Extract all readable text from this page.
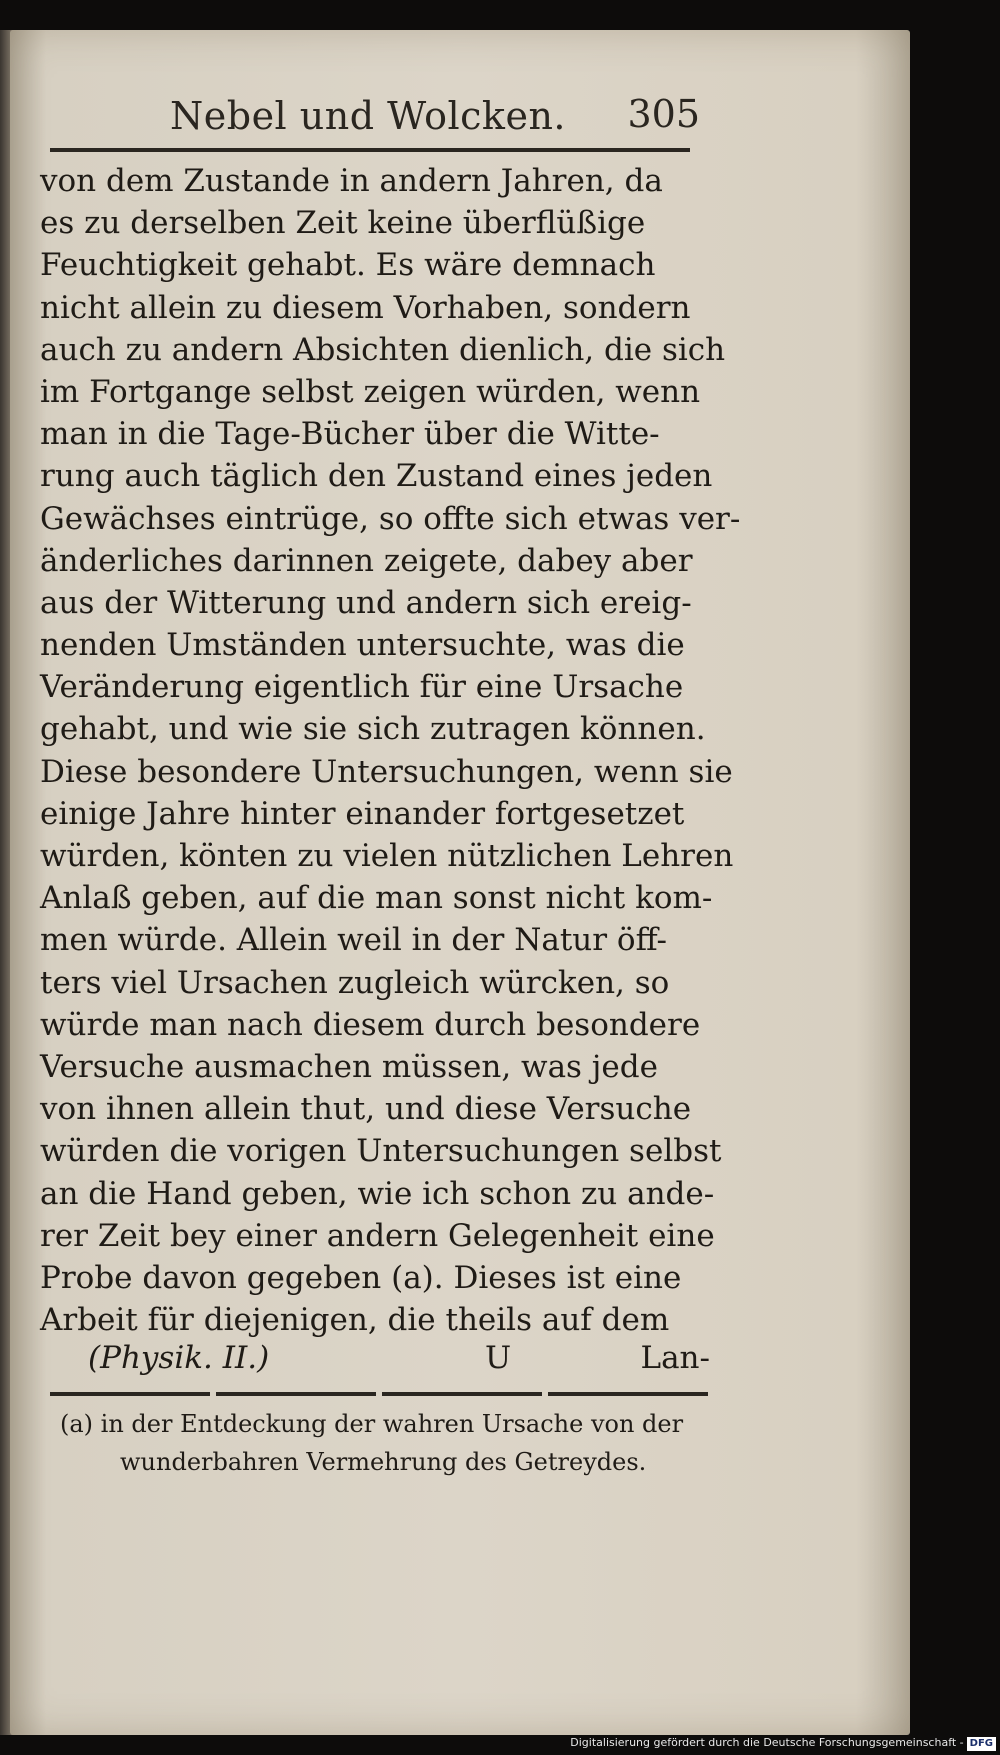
Nebel und Wolcken. 305
von dem Zustande in andern Jahren, da
es zu derselben Zeit keine überflüßige
Feuchtigkeit gehabt. Es wäre demnach
nicht allein zu diesem Vorhaben, sondern
auch zu andern Absichten dienlich, die sich
im Fortgange selbst zeigen würden, wenn
man in die Tage-Bücher über die Witte-
rung auch täglich den Zustand eines jeden
Gewächses eintrüge, so offte sich etwas ver-
änderliches darinnen zeigete, dabey aber
aus der Witterung und andern sich ereig-
nenden Umständen untersuchte, was die
Veränderung eigentlich für eine Ursache
gehabt, und wie sie sich zutragen können.
Diese besondere Untersuchungen, wenn sie
einige Jahre hinter einander fortgesetzet
würden, könten zu vielen nützlichen Lehren
Anlaß geben, auf die man sonst nicht kom-
men würde. Allein weil in der Natur öff-
ters viel Ursachen zugleich würcken, so
würde man nach diesem durch besondere
Versuche ausmachen müssen, was jede
von ihnen allein thut, und diese Versuche
würden die vorigen Untersuchungen selbst
an die Hand geben, wie ich schon zu ande-
rer Zeit bey einer andern Gelegenheit eine
Probe davon gegeben (a). Dieses ist eine
Arbeit für diejenigen, die theils auf dem
(Physik. II.)	U	Lan-
(a) in der Entdeckung der wahren Ursache von der
wunderbahren Vermehrung des Getreydes.
Digitalisierung gefördert durch die Deutsche Forschungsgemeinschaft - DFG
